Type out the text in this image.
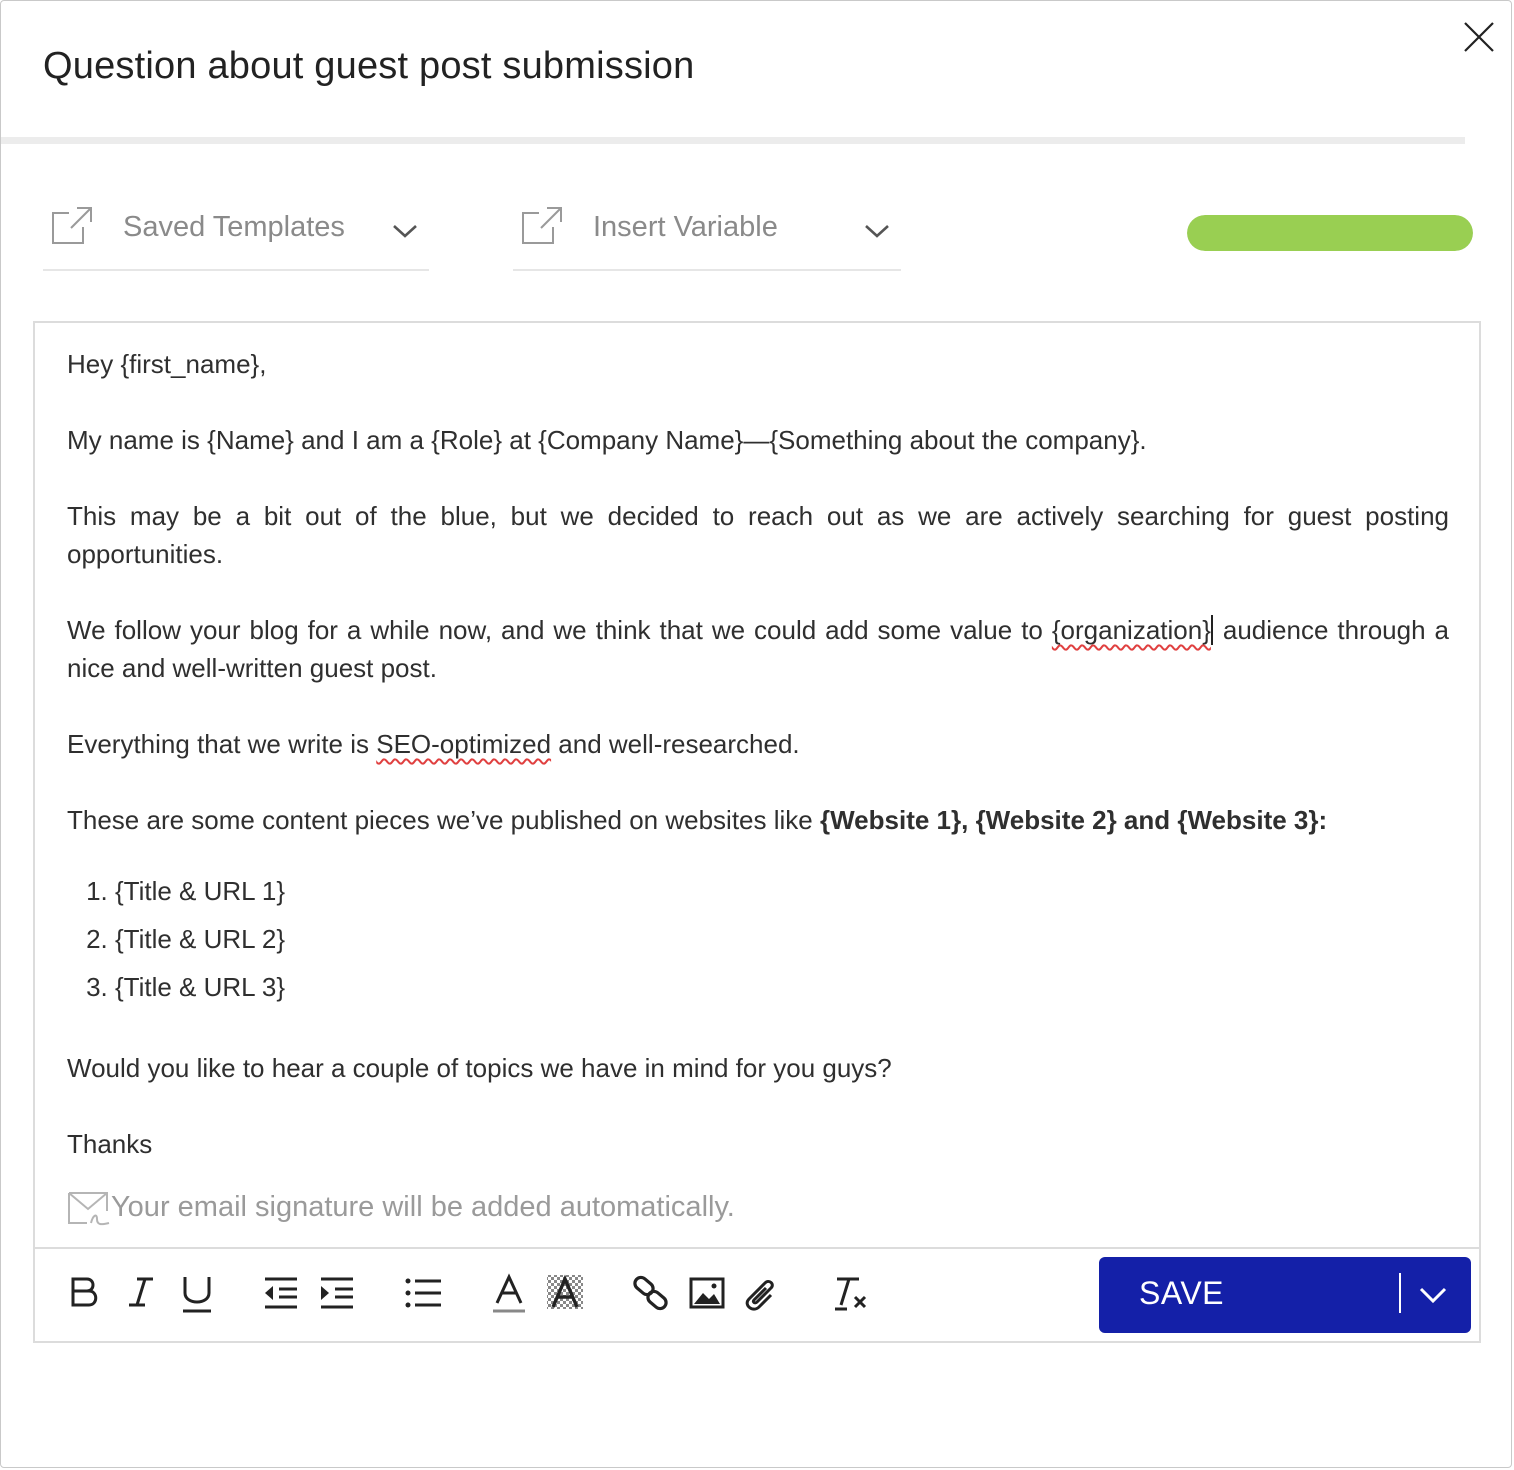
Question about guest post submission
Saved Templates	Insert Variable

Hey {first_name},

My name is {Name} and I am a {Role} at {Company Name}—{Something about the company}.

This may be a bit out of the blue, but we decided to reach out as we are actively searching for guest posting opportunities.

We follow your blog for a while now, and we think that we could add some value to {organization} audience through a nice and well-written guest post.

Everything that we write is SEO-optimized and well-researched.

These are some content pieces we’ve published on websites like {Website 1}, {Website 2} and {Website 3}:

1. {Title & URL 1}
2. {Title & URL 2}
3. {Title & URL 3}

Would you like to hear a couple of topics we have in mind for you guys?

Thanks

Your email signature will be added automatically.
SAVE
